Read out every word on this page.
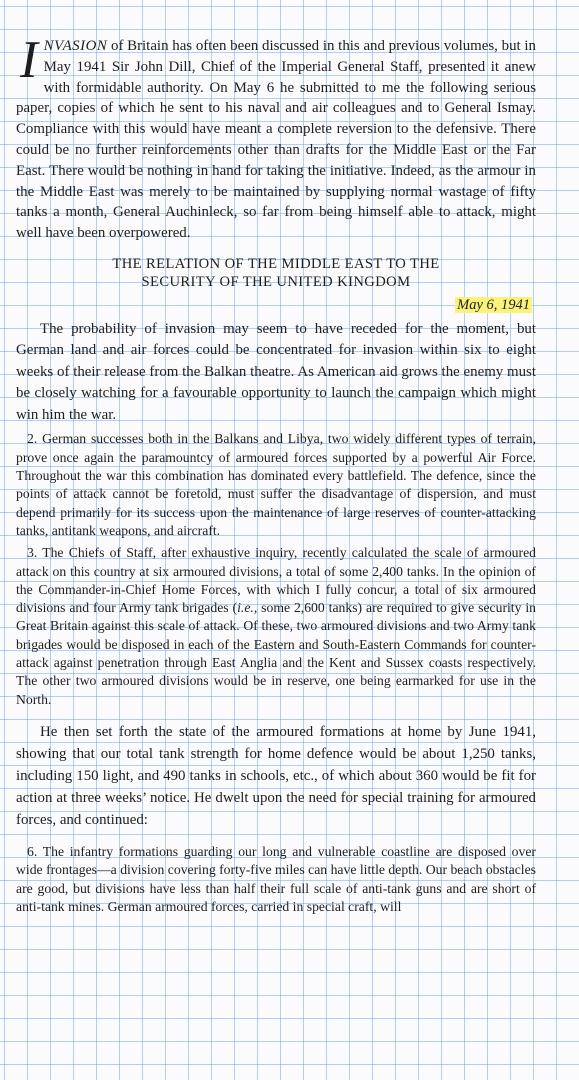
INVASION of Britain has often been discussed in this and previous volumes, but in May 1941 Sir John Dill, Chief of the Imperial General Staff, presented it anew with formidable authority. On May 6 he submitted to me the following serious paper, copies of which he sent to his naval and air colleagues and to General Ismay. Compliance with this would have meant a complete reversion to the defensive. There could be no further reinforcements other than drafts for the Middle East or the Far East. There would be nothing in hand for taking the initiative. Indeed, as the armour in the Middle East was merely to be maintained by supplying normal wastage of fifty tanks a month, General Auchinleck, so far from being himself able to attack, might well have been overpowered.

THE RELATION OF THE MIDDLE EAST TO THE
SECURITY OF THE UNITED KINGDOM
May 6, 1941

The probability of invasion may seem to have receded for the moment, but German land and air forces could be concentrated for invasion within six to eight weeks of their release from the Balkan theatre. As American aid grows the enemy must be closely watching for a favourable opportunity to launch the campaign which might win him the war.

2. German successes both in the Balkans and Libya, two widely different types of terrain, prove once again the paramountcy of armoured forces supported by a powerful Air Force. Throughout the war this combination has dominated every battlefield. The defence, since the points of attack cannot be foretold, must suffer the disadvantage of dispersion, and must depend primarily for its success upon the maintenance of large reserves of counter-attacking tanks, antitank weapons, and aircraft.

3. The Chiefs of Staff, after exhaustive inquiry, recently calculated the scale of armoured attack on this country at six armoured divisions, a total of some 2,400 tanks. In the opinion of the Commander-in-Chief Home Forces, with which I fully concur, a total of six armoured divisions and four Army tank brigades (i.e., some 2,600 tanks) are required to give security in Great Britain against this scale of attack. Of these, two armoured divisions and two Army tank brigades would be disposed in each of the Eastern and South-Eastern Commands for counter-attack against penetration through East Anglia and the Kent and Sussex coasts respectively. The other two armoured divisions would be in reserve, one being earmarked for use in the North.

He then set forth the state of the armoured formations at home by June 1941, showing that our total tank strength for home defence would be about 1,250 tanks, including 150 light, and 490 tanks in schools, etc., of which about 360 would be fit for action at three weeks’ notice. He dwelt upon the need for special training for armoured forces, and continued:

6. The infantry formations guarding our long and vulnerable coastline are disposed over wide frontages—a division covering forty-five miles can have little depth. Our beach obstacles are good, but divisions have less than half their full scale of anti-tank guns and are short of anti-tank mines. German armoured forces, carried in special craft, will
